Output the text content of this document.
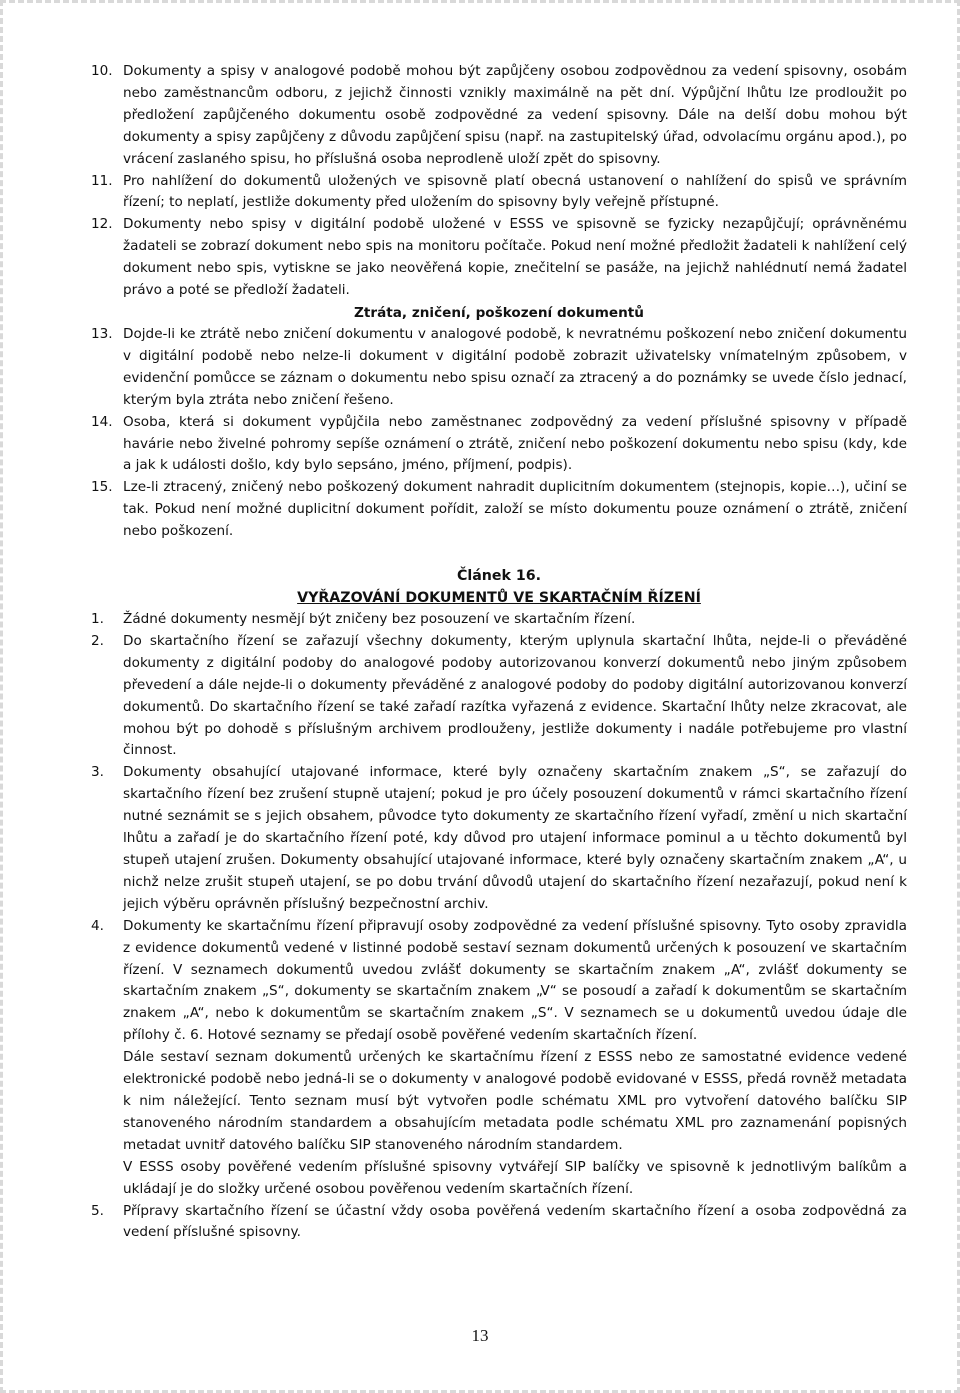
10. Dokumenty a spisy v analogové podobě mohou být zapůjčeny osobou zodpovědnou za vedení spisovny, osobám nebo zaměstnancům odboru, z jejichž činnosti vznikly maximálně na pět dní. Výpůjční lhůtu lze prodloužit po předložení zapůjčeného dokumentu osobě zodpovědné za vedení spisovny. Dále na delší dobu mohou být dokumenty a spisy zapůjčeny z důvodu zapůjčení spisu (např. na zastupitelský úřad, odvolacímu orgánu apod.), po vrácení zaslaného spisu, ho příslušná osoba neprodleně uloží zpět do spisovny.
11. Pro nahlížení do dokumentů uložených ve spisovně platí obecná ustanovení o nahlížení do spisů ve správním řízení; to neplatí, jestliže dokumenty před uložením do spisovny byly veřejně přístupné.
12. Dokumenty nebo spisy v digitální podobě uložené v ESSS ve spisovně se fyzicky nezapůjčují; oprávněnému žadateli se zobrazí dokument nebo spis na monitoru počítače. Pokud není možné předložit žadateli k nahlížení celý dokument nebo spis, vytiskne se jako neověřená kopie, znečitelní se pasáže, na jejichž nahlédnutí nemá žadatel právo a poté se předloží žadateli.
Ztráta, zničení, poškození dokumentů
13. Dojde-li ke ztrátě nebo zničení dokumentu v analogové podobě, k nevratnému poškození nebo zničení dokumentu v digitální podobě nebo nelze-li dokument v digitální podobě zobrazit uživatelsky vnímatelným způsobem, v evidenční pomůcce se záznam o dokumentu nebo spisu označí za ztracený a do poznámky se uvede číslo jednací, kterým byla ztráta nebo zničení řešeno.
14. Osoba, která si dokument vypůjčila nebo zaměstnanec zodpovědný za vedení příslušné spisovny v případě havárie nebo živelné pohromy sepíše oznámení o ztrátě, zničení nebo poškození dokumentu nebo spisu (kdy, kde a jak k události došlo, kdy bylo sepsáno, jméno, příjmení, podpis).
15. Lze-li ztracený, zničený nebo poškozený dokument nahradit duplicitním dokumentem (stejnopis, kopie…), učiní se tak. Pokud není možné duplicitní dokument pořídit, založí se místo dokumentu pouze oznámení o ztrátě, zničení nebo poškození.
Článek 16.
VYŘAZOVÁNÍ DOKUMENTŮ VE SKARTAČNÍM ŘÍZENÍ
1. Žádné dokumenty nesmějí být zničeny bez posouzení ve skartačním řízení.
2. Do skartačního řízení se zařazují všechny dokumenty, kterým uplynula skartační lhůta, nejde-li o převáděné dokumenty z digitální podoby do analogové podoby autorizovanou konverzí dokumentů nebo jiným způsobem převedení a dále nejde-li o dokumenty převáděné z analogové podoby do podoby digitální autorizovanou konverzí dokumentů. Do skartačního řízení se také zařadí razítka vyřazená z evidence. Skartační lhůty nelze zkracovat, ale mohou být po dohodě s příslušným archivem prodlouženy, jestliže dokumenty i nadále potřebujeme pro vlastní činnost.
3. Dokumenty obsahující utajované informace, které byly označeny skartačním znakem „S“, se zařazují do skartačního řízení bez zrušení stupně utajení; pokud je pro účely posouzení dokumentů v rámci skartačního řízení nutné seznámit se s jejich obsahem, původce tyto dokumenty ze skartačního řízení vyřadí, změní u nich skartační lhůtu a zařadí je do skartačního řízení poté, kdy důvod pro utajení informace pominul a u těchto dokumentů byl stupeň utajení zrušen. Dokumenty obsahující utajované informace, které byly označeny skartačním znakem „A“, u nichž nelze zrušit stupeň utajení, se po dobu trvání důvodů utajení do skartačního řízení nezařazují, pokud není k jejich výběru oprávněn příslušný bezpečnostní archiv.
4. Dokumenty ke skartačnímu řízení připravují osoby zodpovědné za vedení příslušné spisovny. Tyto osoby zpravidla z evidence dokumentů vedené v listinné podobě sestaví seznam dokumentů určených k posouzení ve skartačním řízení. V seznamech dokumentů uvedou zvlášť dokumenty se skartačním znakem „A“, zvlášť dokumenty se skartačním znakem „S“, dokumenty se skartačním znakem „V“ se posoudí a zařadí k dokumentům se skartačním znakem „A“, nebo k dokumentům se skartačním znakem „S“. V seznamech se u dokumentů uvedou údaje dle přílohy č. 6. Hotové seznamy se předají osobě pověřené vedením skartačních řízení.
Dále sestaví seznam dokumentů určených ke skartačnímu řízení z ESSS nebo ze samostatné evidence vedené elektronické podobě nebo jedná-li se o dokumenty v analogové podobě evidované v ESSS, předá rovněž metadata k nim náležející. Tento seznam musí být vytvořen podle schématu XML pro vytvoření datového balíčku SIP stanoveného národním standardem a obsahujícím metadata podle schématu XML pro zaznamenání popisných metadat uvnitř datového balíčku SIP stanoveného národním standardem.
V ESSS osoby pověřené vedením příslušné spisovny vytvářejí SIP balíčky ve spisovně k jednotlivým balíkům a ukládají je do složky určené osobou pověřenou vedením skartačních řízení.
5. Přípravy skartačního řízení se účastní vždy osoba pověřená vedením skartačního řízení a osoba zodpovědná za vedení příslušné spisovny.
13
